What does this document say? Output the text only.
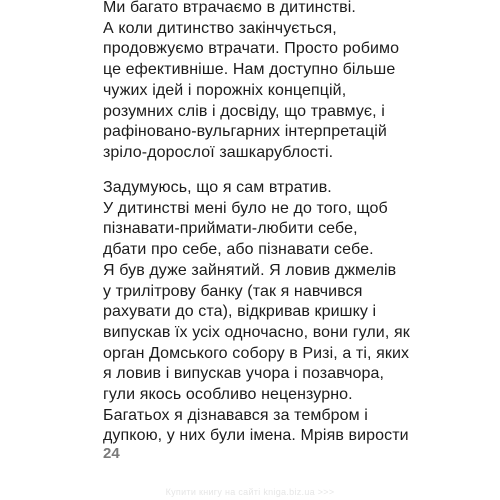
Ми багато втрачаємо в дитинстві.
А коли дитинство закінчується,
продовжуємо втрачати. Просто робимо
це ефективніше. Нам доступно більше
чужих ідей і порожніх концепцій,
розумних слів і досвіду, що травмує, і
рафіновано-вульгарних інтерпретацій
зріло-дорослої зашкарублості.
Задумуюсь, що я сам втратив.
У дитинстві мені було не до того, щоб
пізнавати-приймати-любити себе,
дбати про себе, або пізнавати себе.
Я був дуже зайнятий. Я ловив джмелів
у трилітрову банку (так я навчився
рахувати до ста), відкривав кришку і
випускав їх усіх одночасно, вони гули, як
орган Домського собору в Ризі, а ті, яких
я ловив і випускав учора і позавчора,
гули якось особливо нецензурно.
Багатьох я дізнавався за тембром і
дупкою, у них були імена. Мріяв вирости
24
Купити книгу на сайті kniga.biz.ua >>>
